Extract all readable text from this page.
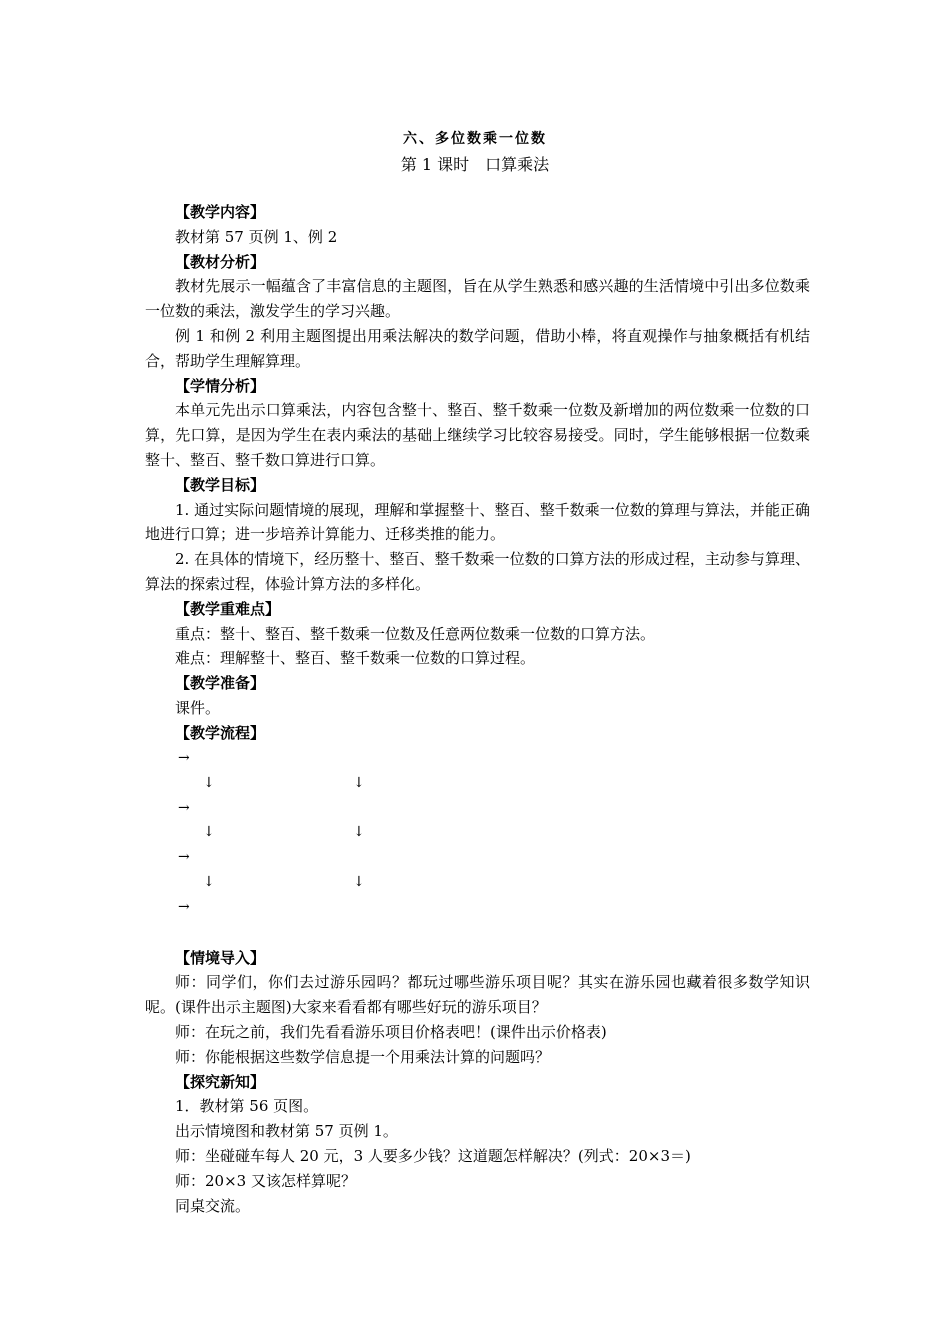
六、多位数乘一位数
第 1 课时　口算乘法

【教学内容】

教材第 57 页例 1、例 2

【教材分析】

教材先展示一幅蕴含了丰富信息的主题图，旨在从学生熟悉和感兴趣的生活情境中引出多位数乘一位数的乘法，激发学生的学习兴趣。

例 1 和例 2 利用主题图提出用乘法解决的数学问题，借助小棒，将直观操作与抽象概括有机结合，帮助学生理解算理。

【学情分析】

本单元先出示口算乘法，内容包含整十、整百、整千数乘一位数及新增加的两位数乘一位数的口算，先口算，是因为学生在表内乘法的基础上继续学习比较容易接受。同时，学生能够根据一位数乘整十、整百、整千数口算进行口算。

【教学目标】

1. 通过实际问题情境的展现，理解和掌握整十、整百、整千数乘一位数的算理与算法，并能正确地进行口算；进一步培养计算能力、迁移类推的能力。

2. 在具体的情境下，经历整十、整百、整千数乘一位数的口算方法的形成过程，主动参与算理、算法的探索过程，体验计算方法的多样化。

【教学重难点】

重点：整十、整百、整千数乘一位数及任意两位数乘一位数的口算方法。

难点：理解整十、整百、整千数乘一位数的口算过程。

【教学准备】

课件。

【教学流程】

→
↓	↓
→
↓	↓
→
↓	↓
→

【情境导入】

师：同学们，你们去过游乐园吗？都玩过哪些游乐项目呢？其实在游乐园也藏着很多数学知识呢。(课件出示主题图)大家来看看都有哪些好玩的游乐项目？

师：在玩之前，我们先看看游乐项目价格表吧！(课件出示价格表)

师：你能根据这些数学信息提一个用乘法计算的问题吗？

【探究新知】

1．教材第 56 页图。

出示情境图和教材第 57 页例 1。

师：坐碰碰车每人 20 元，3 人要多少钱？这道题怎样解决？(列式：20×3＝)

师：20×3 又该怎样算呢？

同桌交流。
